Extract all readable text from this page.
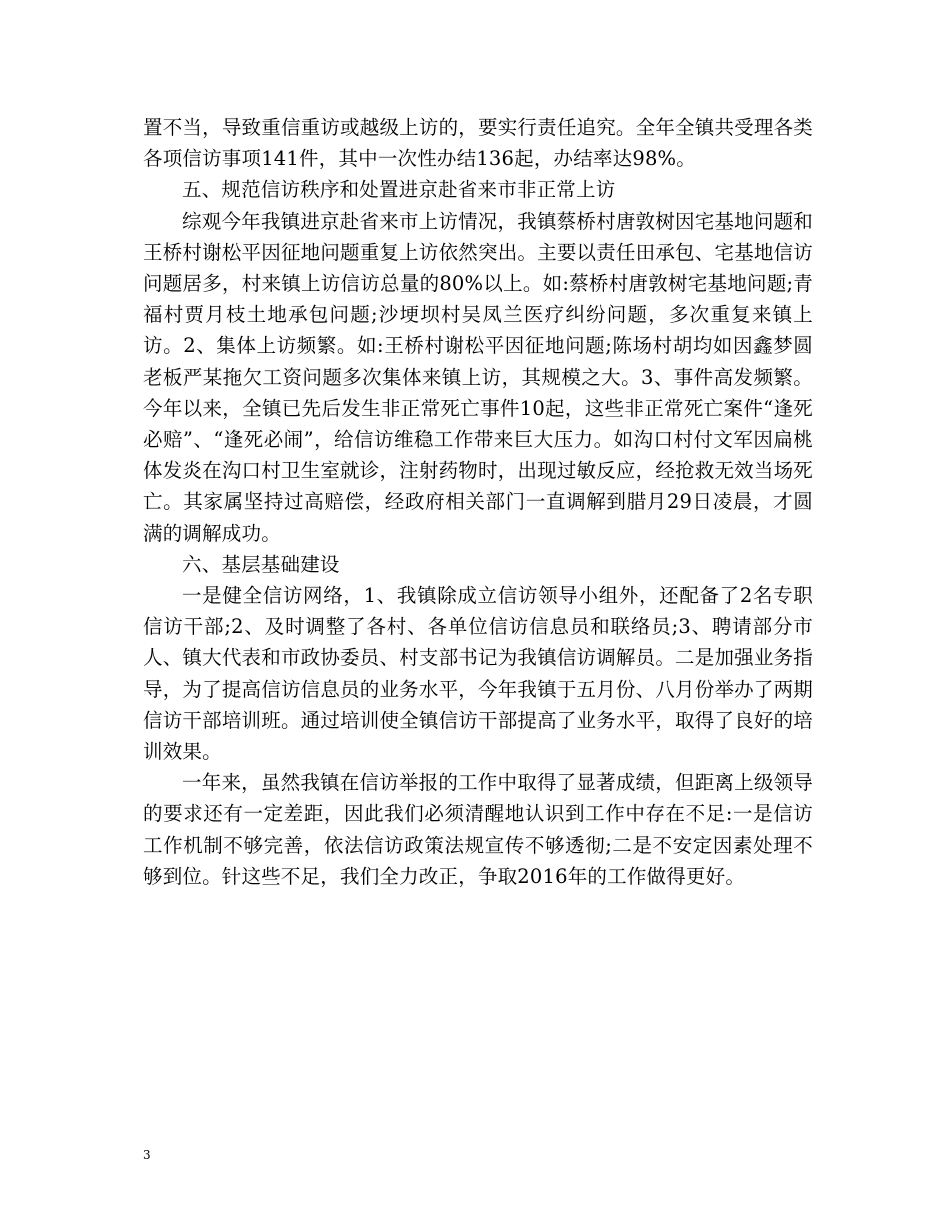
置不当，导致重信重访或越级上访的，要实行责任追究。全年全镇共受理各类各项信访事项141件，其中一次性办结136起，办结率达98%。

五、规范信访秩序和处置进京赴省来市非正常上访

综观今年我镇进京赴省来市上访情况，我镇蔡桥村唐敦树因宅基地问题和王桥村谢松平因征地问题重复上访依然突出。主要以责任田承包、宅基地信访问题居多，村来镇上访信访总量的80%以上。如:蔡桥村唐敦树宅基地问题;青福村贾月枝土地承包问题;沙埂坝村吴凤兰医疗纠纷问题，多次重复来镇上访。2、集体上访频繁。如:王桥村谢松平因征地问题;陈场村胡均如因鑫梦圆老板严某拖欠工资问题多次集体来镇上访，其规模之大。3、事件高发频繁。今年以来，全镇已先后发生非正常死亡事件10起，这些非正常死亡案件“逢死必赔”、“逢死必闹”，给信访维稳工作带来巨大压力。如沟口村付文军因扁桃体发炎在沟口村卫生室就诊，注射药物时，出现过敏反应，经抢救无效当场死亡。其家属坚持过高赔偿，经政府相关部门一直调解到腊月29日凌晨，才圆满的调解成功。

六、基层基础建设

一是健全信访网络，1、我镇除成立信访领导小组外，还配备了2名专职信访干部;2、及时调整了各村、各单位信访信息员和联络员;3、聘请部分市人、镇大代表和市政协委员、村支部书记为我镇信访调解员。二是加强业务指导，为了提高信访信息员的业务水平，今年我镇于五月份、八月份举办了两期信访干部培训班。通过培训使全镇信访干部提高了业务水平，取得了良好的培训效果。

一年来，虽然我镇在信访举报的工作中取得了显著成绩，但距离上级领导的要求还有一定差距，因此我们必须清醒地认识到工作中存在不足:一是信访工作机制不够完善，依法信访政策法规宣传不够透彻;二是不安定因素处理不够到位。针这些不足，我们全力改正，争取2016年的工作做得更好。

3
